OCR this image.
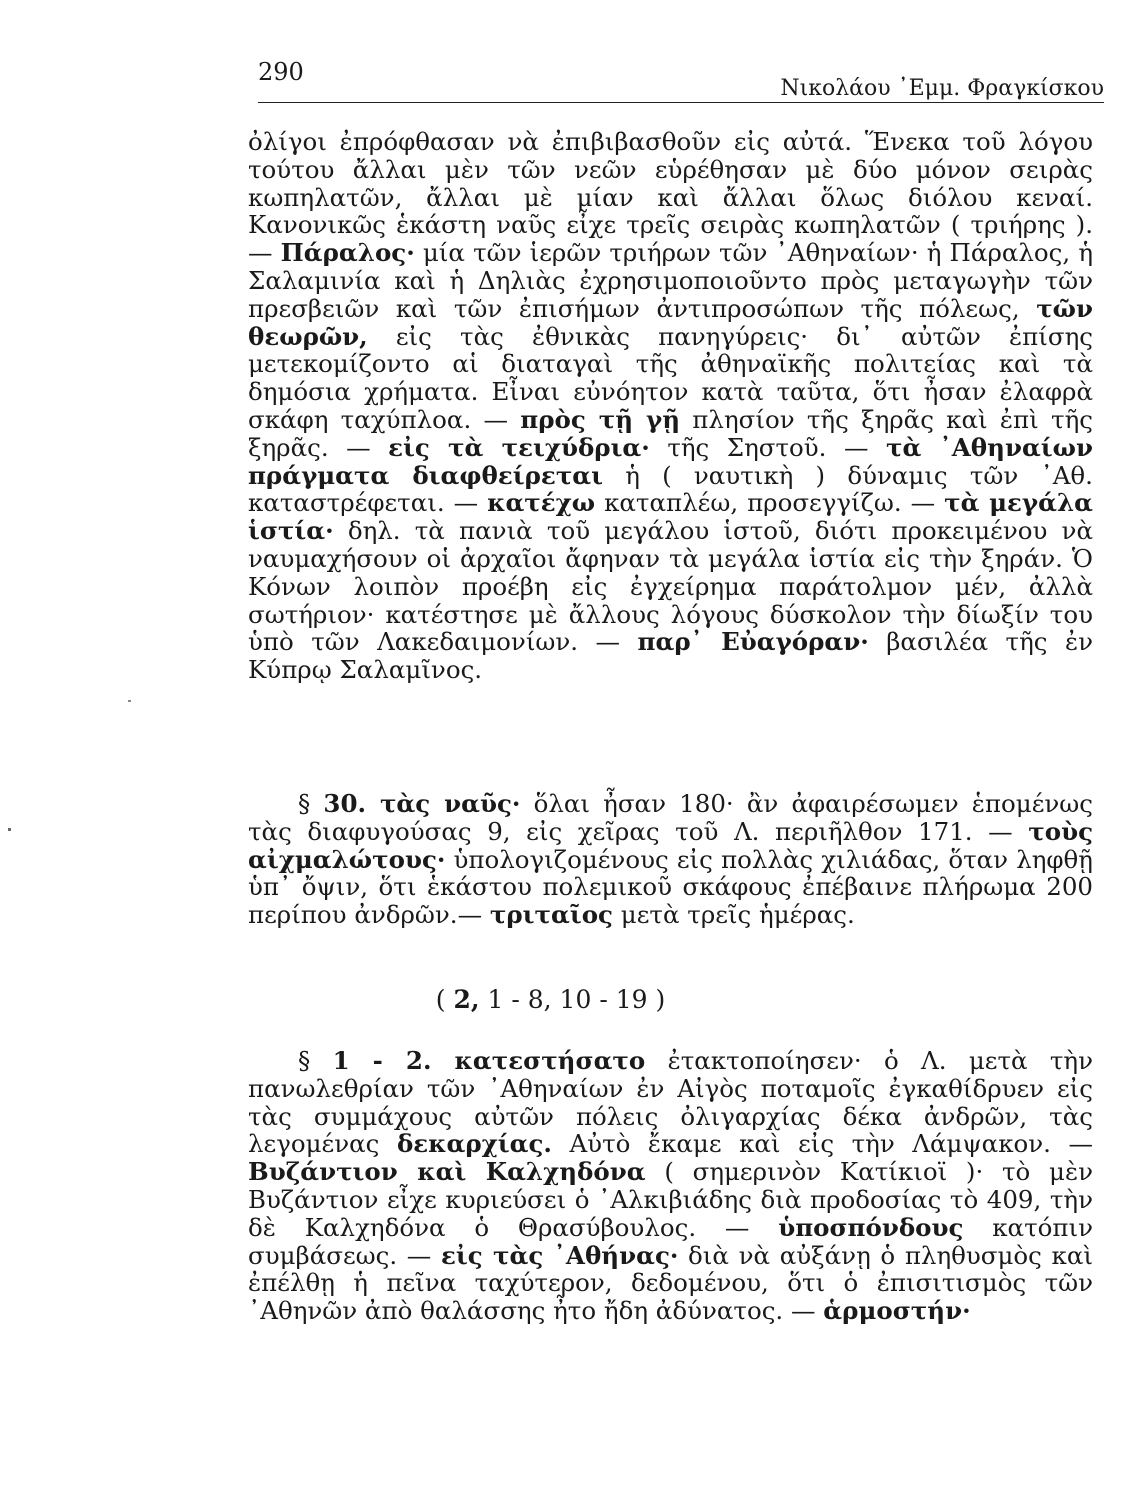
290
Νικολάου ᾿Εμμ. Φραγκίσκου

ὀλίγοι ἐπρόφθασαν νὰ ἐπιβιβασθοῦν εἰς αὐτά. Ἕνεκα τοῦ λόγου τούτου ἄλλαι μὲν τῶν νεῶν εὑρέθησαν μὲ δύο μόνον σειρὰς κωπηλατῶν, ἄλλαι μὲ μίαν καὶ ἄλλαι ὅλως διόλου κεναί. Κανονικῶς ἑκάστη ναῦς εἶχε τρεῖς σειρὰς κωπηλατῶν ( τριήρης ). — Πάραλος· μία τῶν ἱερῶν τριήρων τῶν ᾿Αθηναίων· ἡ Πάραλος, ἡ Σαλαμινία καὶ ἡ Δηλιὰς ἐχρησιμοποιοῦντο πρὸς μεταγωγὴν τῶν πρεσβειῶν καὶ τῶν ἐπισήμων ἀντιπροσώπων τῆς πόλεως, τῶν θεωρῶν, εἰς τὰς ἐθνικὰς πανηγύρεις· δι᾿ αὐτῶν ἐπίσης μετεκομίζοντο αἱ διαταγαὶ τῆς ἀθηναϊκῆς πολιτείας καὶ τὰ δημόσια χρήματα. Εἶναι εὐνόητον κατὰ ταῦτα, ὅτι ἦσαν ἐλαφρὰ σκάφη ταχύπλοα. — πρὸς τῇ γῇ πλησίον τῆς ξηρᾶς καὶ ἐπὶ τῆς ξηρᾶς. — εἰς τὰ τειχύδρια· τῆς Σηστοῦ. — τὰ ᾿Αθηναίων πράγματα διαφθείρεται ἡ ( ναυτικὴ ) δύναμις τῶν ᾿Αθ. καταστρέφεται. — κατέχω καταπλέω, προσεγγίζω. — τὰ μεγάλα ἱστία· δηλ. τὰ πανιὰ τοῦ μεγάλου ἱστοῦ, διότι προκειμένου νὰ ναυμαχήσουν οἱ ἀρχαῖοι ἄφηναν τὰ μεγάλα ἱστία εἰς τὴν ξηράν. Ὁ Κόνων λοιπὸν προέβη εἰς ἐγχείρημα παράτολμον μέν, ἀλλὰ σωτήριον· κατέστησε μὲ ἄλλους λόγους δύσκολον τὴν δίωξίν του ὑπὸ τῶν Λακεδαιμονίων. — παρ᾿ Εὐαγόραν· βασιλέα τῆς ἐν Κύπρῳ Σαλαμῖνος.

§ 30. τὰς ναῦς· ὅλαι ἦσαν 180· ἂν ἀφαιρέσωμεν ἑπομένως τὰς διαφυγούσας 9, εἰς χεῖρας τοῦ Λ. περιῆλθον 171. — τοὺς αἰχμαλώτους· ὑπολογιζομένους εἰς πολλὰς χιλιάδας, ὅταν ληφθῇ ὑπ᾿ ὄψιν, ὅτι ἑκάστου πολεμικοῦ σκάφους ἐπέβαινε πλήρωμα 200 περίπου ἀνδρῶν.— τριταῖος μετὰ τρεῖς ἡμέρας.

( 2, 1 - 8, 10 - 19 )

§ 1 - 2. κατεστήσατο ἐτακτοποίησεν· ὁ Λ. μετὰ τὴν πανωλεθρίαν τῶν ᾿Αθηναίων ἐν Αἰγὸς ποταμοῖς ἐγκαθίδρυεν εἰς τὰς συμμάχους αὐτῶν πόλεις ὀλιγαρχίας δέκα ἀνδρῶν, τὰς λεγομένας δεκαρχίας. Αὐτὸ ἔκαμε καὶ εἰς τὴν Λάμψακον. — Βυζάντιον καὶ Καλχηδόνα ( σημερινὸν Κατίκιοϊ )· τὸ μὲν Βυζάντιον εἶχε κυριεύσει ὁ ᾿Αλκιβιάδης διὰ προδοσίας τὸ 409, τὴν δὲ Καλχηδόνα ὁ Θρασύβουλος. — ὑποσπόνδους κατόπιν συμβάσεως. — εἰς τὰς ᾿Αθήνας· διὰ νὰ αὐξάνῃ ὁ πληθυσμὸς καὶ ἐπέλθῃ ἡ πεῖνα ταχύτερον, δεδομένου, ὅτι ὁ ἐπισιτισμὸς τῶν ᾿Αθηνῶν ἀπὸ θαλάσσης ἦτο ἤδη ἀδύνατος. — ἁρμοστήν·
